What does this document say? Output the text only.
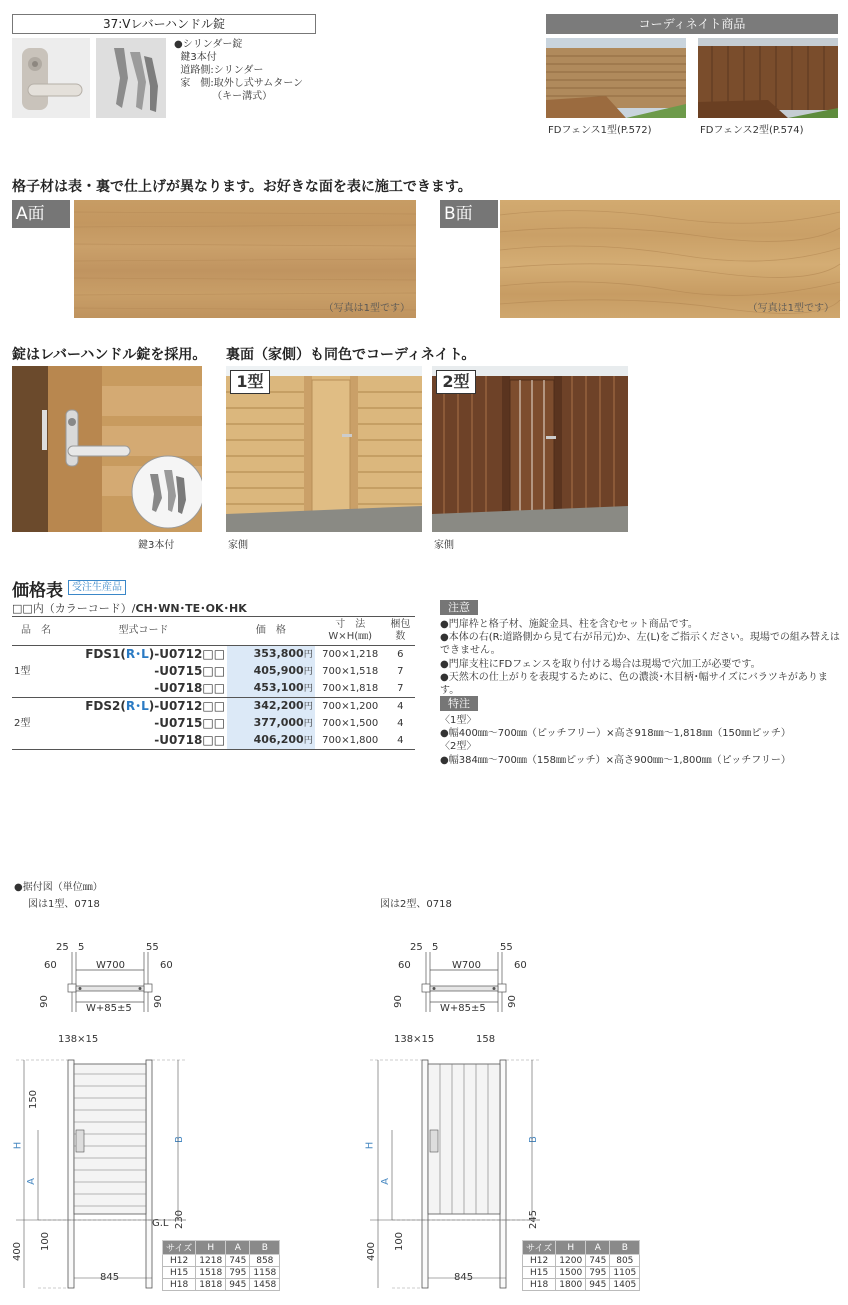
37:Vレバーハンドル錠
●シリンダー錠
鍵3本付
道路側:シリンダー
家　側:取外し式サムターン
（キー溝式）
コーディネイト商品
FDフェンス1型(P.572)	FDフェンス2型(P.574)
格子材は表・裏で仕上げが異なります。お好きな面を表に施工できます。
A面
（写真は1型です）
B面
（写真は1型です）
錠はレバーハンドル錠を採用。 裏面（家側）も同色でコーディネイト。
鍵3本付
1型
家側
2型
家側
価格表 受注生産品
□□内（カラーコード）/CH･WN･TE･OK･HK
品　名	型式コード	価　格	寸　法
W×H(㎜)	梱包
数
1型	FDS1(R･L)-U0712□□	353,800円	700×1,218	6
	-U0715□□	405,900円	700×1,518	7
	-U0718□□	453,100円	700×1,818	7
2型	FDS2(R･L)-U0712□□	342,200円	700×1,200	4
	-U0715□□	377,000円	700×1,500	4
	-U0718□□	406,200円	700×1,800	4
注意
●門扉枠と格子材、施錠金具、柱を含むセット商品です。
●本体の右(R:道路側から見て右が吊元)か、左(L)をご指示ください。現場での組み替えはできません。
●門扉支柱にFDフェンスを取り付ける場合は現場で穴加工が必要です。
●天然木の仕上がりを表現するために、色の濃淡･木目柄･幅サイズにバラツキがあります。
特注
〈1型〉
●幅400㎜～700㎜（ピッチフリー）×高さ918㎜～1,818㎜（150㎜ピッチ）
〈2型〉
●幅384㎜～700㎜（158㎜ピッチ）×高さ900㎜～1,800㎜（ピッチフリー）
●据付図（単位㎜）
図は1型、0718	図は2型、0718
25 5	55
60	W700	60
90	90
W+85±5
25 5	55
60	W700	60
90	90
W+85±5
138×15
150
H
A
B
G.L 230
400
100
845
138×15	158
H
A
B
245
400
100
845
サイズ	H	A	B
H12	1218	745	858
H15	1518	795	1158
H18	1818	945	1458
サイズ	H	A	B
H12	1200	745	805
H15	1500	795	1105
H18	1800	945	1405
